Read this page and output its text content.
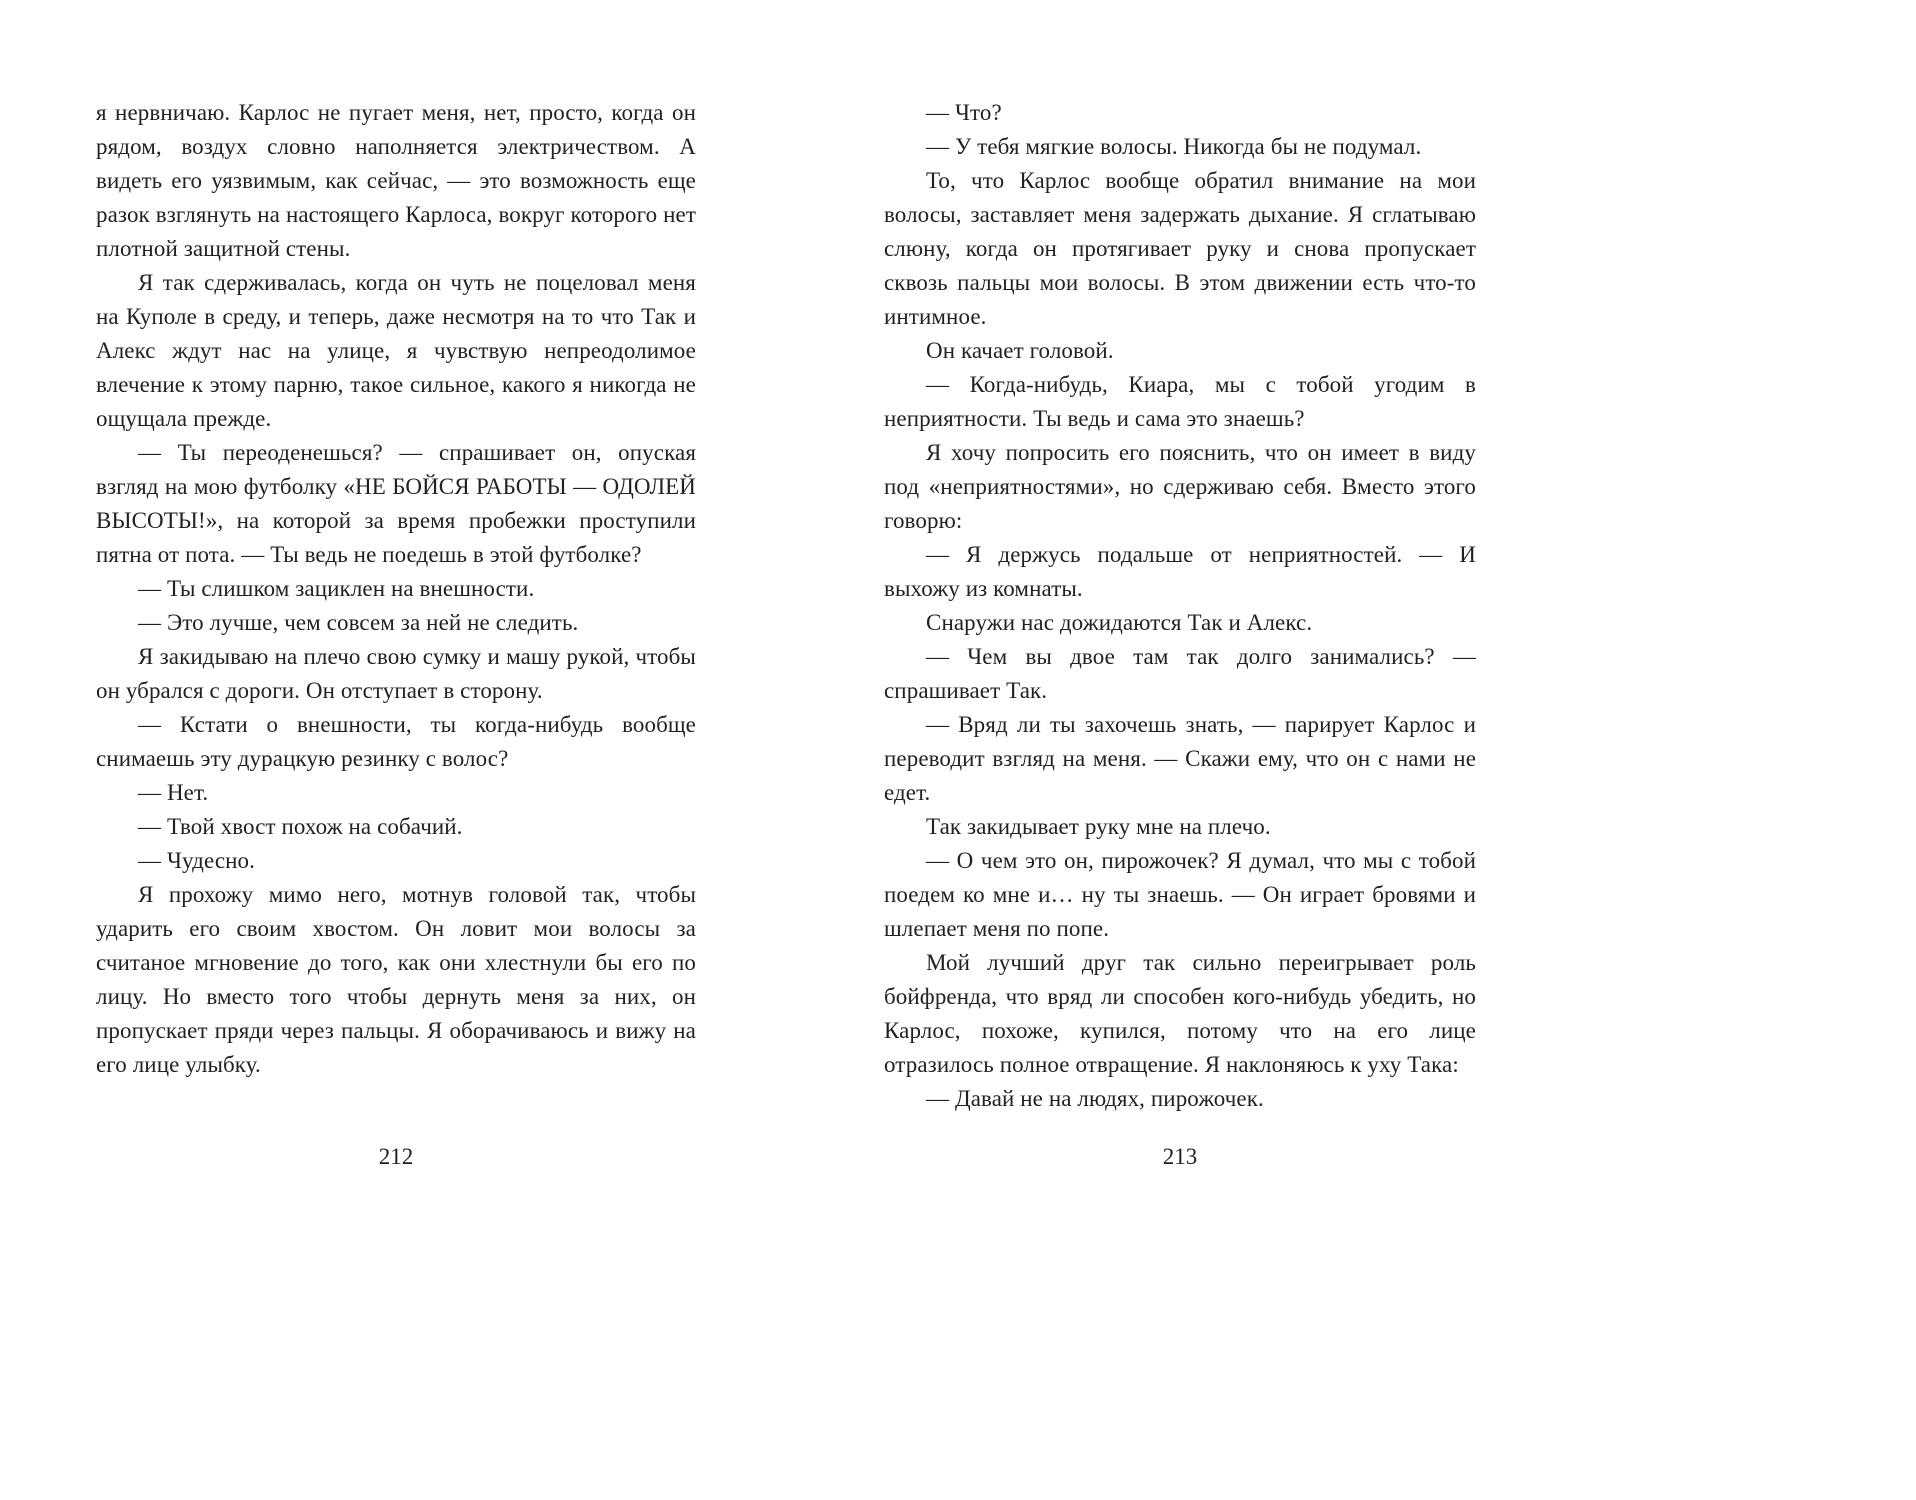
я нервничаю. Карлос не пугает меня, нет, просто, когда он рядом, воздух словно наполняется электричеством. А видеть его уязвимым, как сейчас, — это возможность еще разок взглянуть на настоящего Карлоса, вокруг которого нет плотной защитной стены.

Я так сдерживалась, когда он чуть не поцеловал меня на Куполе в среду, и теперь, даже несмотря на то что Так и Алекс ждут нас на улице, я чувствую непреодолимое влечение к этому парню, такое сильное, какого я никогда не ощущала прежде.

— Ты переоденешься? — спрашивает он, опуская взгляд на мою футболку «НЕ БОЙСЯ РАБОТЫ — ОДОЛЕЙ ВЫСОТЫ!», на которой за время пробежки проступили пятна от пота. — Ты ведь не поедешь в этой футболке?

— Ты слишком зациклен на внешности.

— Это лучше, чем совсем за ней не следить.

Я закидываю на плечо свою сумку и машу рукой, чтобы он убрался с дороги. Он отступает в сторону.

— Кстати о внешности, ты когда-нибудь вообще снимаешь эту дурацкую резинку с волос?

— Нет.

— Твой хвост похож на собачий.

— Чудесно.

Я прохожу мимо него, мотнув головой так, чтобы ударить его своим хвостом. Он ловит мои волосы за считаное мгновение до того, как они хлестнули бы его по лицу. Но вместо того чтобы дернуть меня за них, он пропускает пряди через пальцы. Я оборачиваюсь и вижу на его лице улыбку.

212

— Что?

— У тебя мягкие волосы. Никогда бы не подумал.

То, что Карлос вообще обратил внимание на мои волосы, заставляет меня задержать дыхание. Я сглатываю слюну, когда он протягивает руку и снова пропускает сквозь пальцы мои волосы. В этом движении есть что-то интимное.

Он качает головой.

— Когда-нибудь, Киара, мы с тобой угодим в неприятности. Ты ведь и сама это знаешь?

Я хочу попросить его пояснить, что он имеет в виду под «неприятностями», но сдерживаю себя. Вместо этого говорю:

— Я держусь подальше от неприятностей. — И выхожу из комнаты.

Снаружи нас дожидаются Так и Алекс.

— Чем вы двое там так долго занимались? — спрашивает Так.

— Вряд ли ты захочешь знать, — парирует Карлос и переводит взгляд на меня. — Скажи ему, что он с нами не едет.

Так закидывает руку мне на плечо.

— О чем это он, пирожочек? Я думал, что мы с тобой поедем ко мне и… ну ты знаешь. — Он играет бровями и шлепает меня по попе.

Мой лучший друг так сильно переигрывает роль бойфренда, что вряд ли способен кого-нибудь убедить, но Карлос, похоже, купился, потому что на его лице отразилось полное отвращение. Я наклоняюсь к уху Така:

— Давай не на людях, пирожочек.

213
